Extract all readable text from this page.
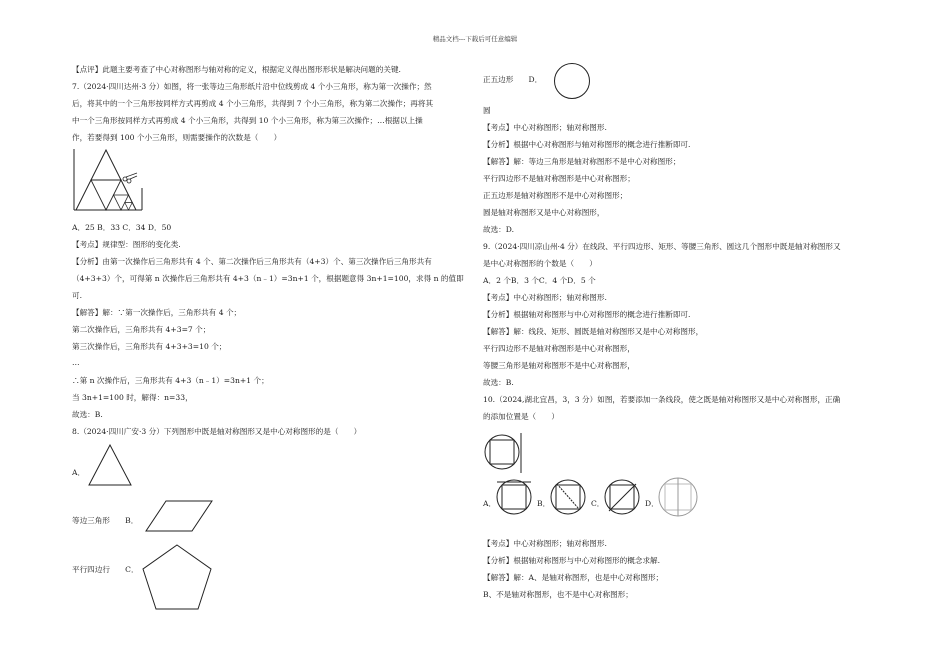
精品文档---下载后可任意编辑
【点评】此题主要考查了中心对称图形与轴对称的定义，根据定义得出图形形状是解决问题的关键.
7.（2024·四川达州·3 分）如图，将一张等边三角形纸片沿中位线剪成 4 个小三角形，称为第一次操作；然
后，将其中的一个三角形按同样方式再剪成 4 个小三角形，共得到 7 个小三角形，称为第二次操作；再将其
中一个三角形按同样方式再剪成 4 个小三角形，共得到 10 个小三角形，称为第三次操作；…根据以上操
作，若要得到 100 个小三角形，则需要操作的次数是（　　）
A．25 B．33 C．34 D．50
【考点】规律型：图形的变化类.
【分析】由第一次操作后三角形共有 4 个、第二次操作后三角形共有（4+3）个、第三次操作后三角形共有
（4+3+3）个，可得第 n 次操作后三角形共有 4+3（n﹣1）=3n+1 个，根据题意得 3n+1=100，求得 n 的值即
可.
【解答】解：∵第一次操作后，三角形共有 4 个；
第二次操作后，三角形共有 4+3=7 个；
第三次操作后，三角形共有 4+3+3=10 个；
…
∴第 n 次操作后，三角形共有 4+3（n﹣1）=3n+1 个；
当 3n+1=100 时，解得：n=33，
故选：B.
8.（2024·四川广安·3 分）下列图形中既是轴对称图形又是中心对称图形的是（　　）
A．
等边三角形　　B．
平行四边行　　C．
正五边形　　D．
圆
【考点】中心对称图形；轴对称图形.
【分析】根据中心对称图形与轴对称图形的概念进行推断即可.
【解答】解：等边三角形是轴对称图形不是中心对称图形；
平行四边形不是轴对称图形是中心对称图形；
正五边形是轴对称图形不是中心对称图形；
圆是轴对称图形又是中心对称图形，
故选：D.
9.（2024·四川凉山州·4 分）在线段、平行四边形、矩形、等腰三角形、圆这几个图形中既是轴对称图形又
是中心对称图形的个数是（　　）
A．2 个B．3 个C．4 个D．5 个
【考点】中心对称图形；轴对称图形.
【分析】根据轴对称图形与中心对称图形的概念进行推断即可.
【解答】解：线段、矩形、圆既是轴对称图形又是中心对称图形，
平行四边形不是轴对称图形是中心对称图形，
等腰三角形是轴对称图形不是中心对称图形，
故选：B.
10.（2024,湖北宜昌，3，3 分）如图，若要添加一条线段，使之既是轴对称图形又是中心对称图形，正确
的添加位置是（　　）
A．	B．	C．	D．
【考点】中心对称图形；轴对称图形.
【分析】根据轴对称图形与中心对称图形的概念求解.
【解答】解：A、是轴对称图形，也是中心对称图形；
B、不是轴对称图形，也不是中心对称图形；
